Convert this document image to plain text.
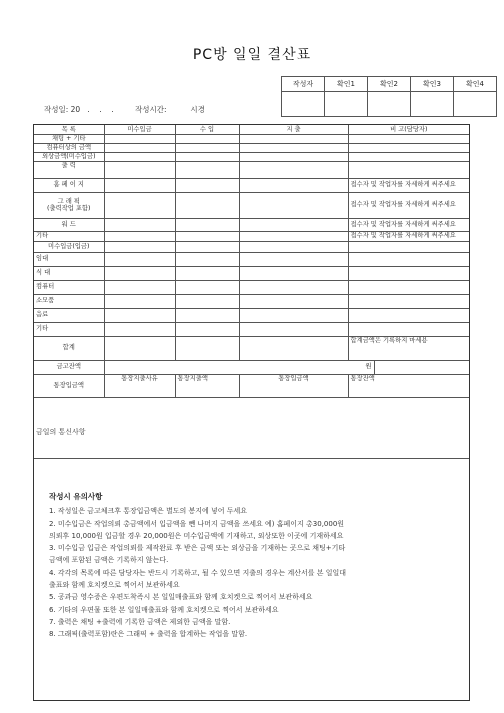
PC방 일일 결산표
작성자	확인1	확인2	확인3	확인4

작성일: 20 .    .    .	작성시간:	시경
목 록	미수입금	수 입	지 출	비 고(담당자)	
채팅 + 기타					
컴퓨터상의 금액					
외상금액(미수입금)					
출 력					
홈 페 이 지				접수자 및 작업자를 자세하게 써주세요	

그 래 픽
(출력작업 포함)				접수자 및 작업자를 자세하게 써주세요	
워 드				접수자 및 작업자를 자세하게 써주세요	
기타				접수자 및 작업자를 자세하게 써주세요	
미수입금(입금)					
임대					
식 대					
컴퓨터					
소모품					
음료					
기타					
합계				합계금액은 기록하지 마세용	
금고잔액	원				
통장입금액	통장지출사유	통장지출액	통장입금액	통장잔액	

금일의 통신사항
작성시 유의사항
1. 작성일은 금고체크후 통장입금액은 별도의 봉지에 넣어 두세요
2. 미수입금은 작업의뢰 총금액에서 입금액을 뺀 나머지 금액을 쓰세요 예) 홈페이지 총30,000원
의뢰후 10,000원 입금할 경우 20,000원은 미수입금액에 기재하고, 외상또한 이곳에 기재하세요
3. 미수입금 입금은 작업의뢰를 제작완료 후 받은 금액 또는 외상금을 기재하는 곳으로 채팅+기타
금액에 포함된 금액은 기록하지 않는다.
4. 각각의 목록에 따른 담당자는 반드시 기록하고, 될 수 있으면 지출의 경우는 계산서를 본 일일대
출표와 함께 호치켓으로 찍어서 보관하세요
5. 공과금 영수증은 우편도착즉시 본 일일매출표와 함께 호치켓으로 찍어서 보관하세요
6. 기타의 우편물 또한 본 일일매출표와 함께 호치켓으로 찍어서 보관하세요
7. 출력은 채팅 +출력에 기록한 금액은 제외한 금액을 말함.
8. 그래픽(출력포함)란은 그래픽 + 출력을 합계하는 작업을 말함.
